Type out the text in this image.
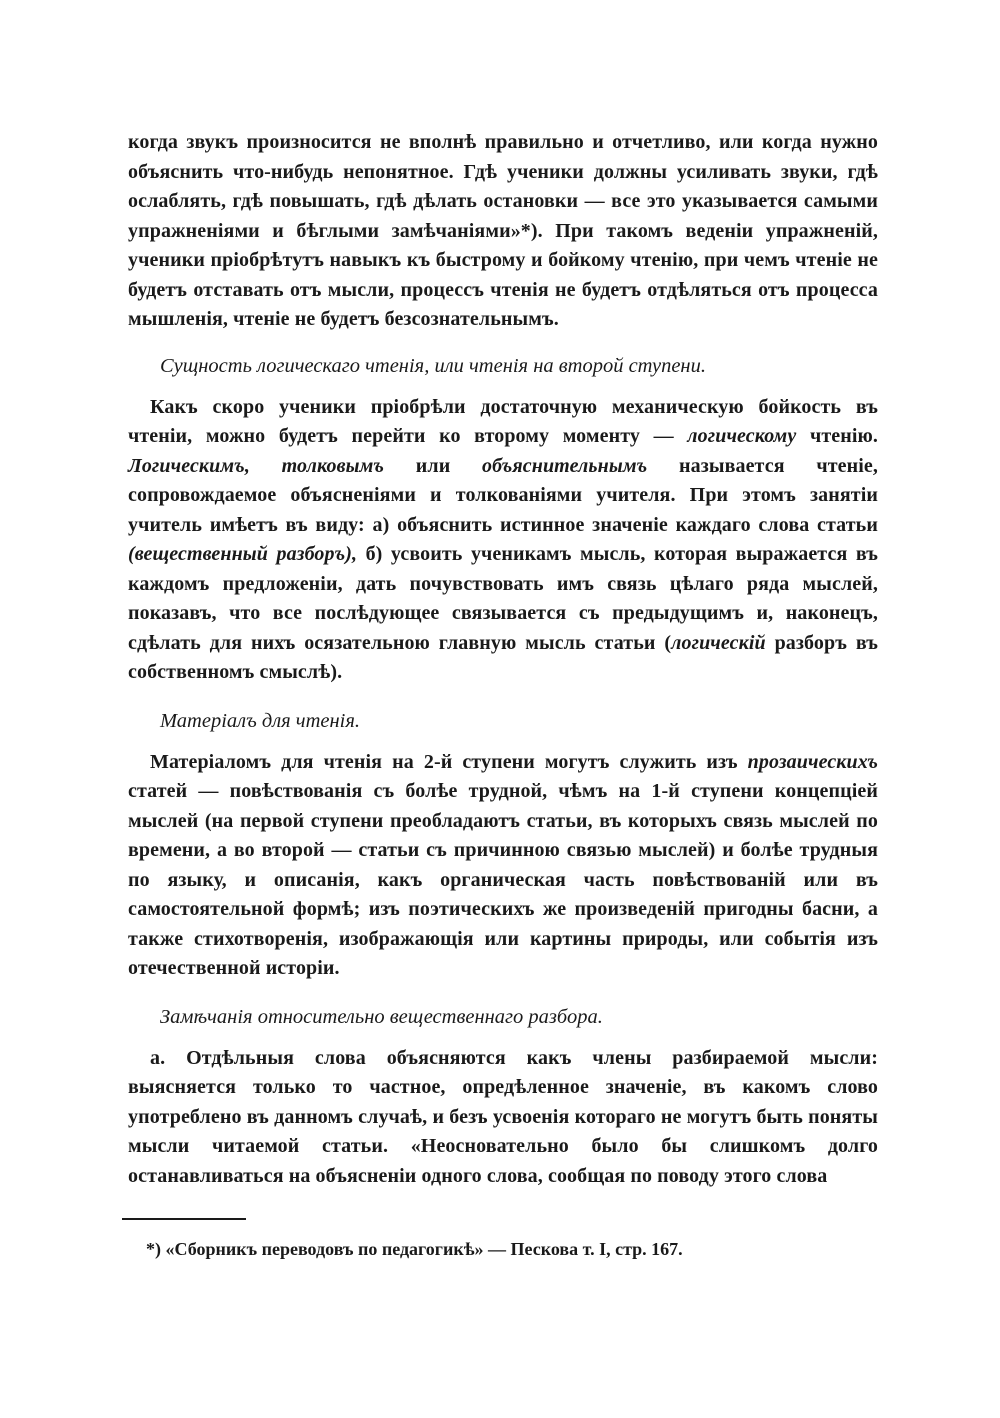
когда звукъ произносится не вполнѣ правильно и отчетливо, или когда нужно объяснить что-нибудь непонятное. Гдѣ ученики должны усиливать звуки, гдѣ ослаблять, гдѣ повышать, гдѣ дѣлать остановки — все это указывается самыми упражненіями и бѣглыми замѣчаніями»*). При такомъ веденіи упражненій, ученики пріобрѣтутъ навыкъ къ быстрому и бойкому чтенію, при чемъ чтеніе не будетъ отставать отъ мысли, процессъ чтенія не будетъ отдѣляться отъ процесса мышленія, чтеніе не будетъ безсознательнымъ.

Сущность логическаго чтенія, или чтенія на второй ступени.

Какъ скоро ученики пріобрѣли достаточную механическую бойкость въ чтеніи, можно будетъ перейти ко второму моменту — логическому чтенію. Логическимъ, толковымъ или объяснительнымъ называется чтеніе, сопровождаемое объясненіями и толкованіями учителя. При этомъ занятіи учитель имѣетъ въ виду: а) объяснить истинное значеніе каждаго слова статьи (вещественный разборъ), б) усвоить ученикамъ мысль, которая выражается въ каждомъ предложеніи, дать почувствовать имъ связь цѣлаго ряда мыслей, показавъ, что все послѣдующее связывается съ предыдущимъ и, наконецъ, сдѣлать для нихъ осязательною главную мысль статьи (логическій разборъ въ собственномъ смыслѣ).

Матеріалъ для чтенія.

Матеріаломъ для чтенія на 2-й ступени могутъ служить изъ прозаическихъ статей — повѣствованія съ болѣе трудной, чѣмъ на 1-й ступени концепціей мыслей (на первой ступени преобладаютъ статьи, въ которыхъ связь мыслей по времени, а во второй — статьи съ причинною связью мыслей) и болѣе трудныя по языку, и описанія, какъ органическая часть повѣствованій или въ самостоятельной формѣ; изъ поэтическихъ же произведеній пригодны басни, а также стихотворенія, изображающія или картины природы, или событія изъ отечественной исторіи.

Замѣчанія относительно вещественнаго разбора.

а. Отдѣльныя слова объясняются какъ члены разбираемой мысли: выясняется только то частное, опредѣленное значеніе, въ какомъ слово употреблено въ данномъ случаѣ, и безъ усвоенія котораго не могутъ быть поняты мысли читаемой статьи. «Неосновательно было бы слишкомъ долго останавливаться на объясненіи одного слова, сообщая по поводу этого слова

*) «Сборникъ переводовъ по педагогикѣ» — Пескова т. I, стр. 167.
